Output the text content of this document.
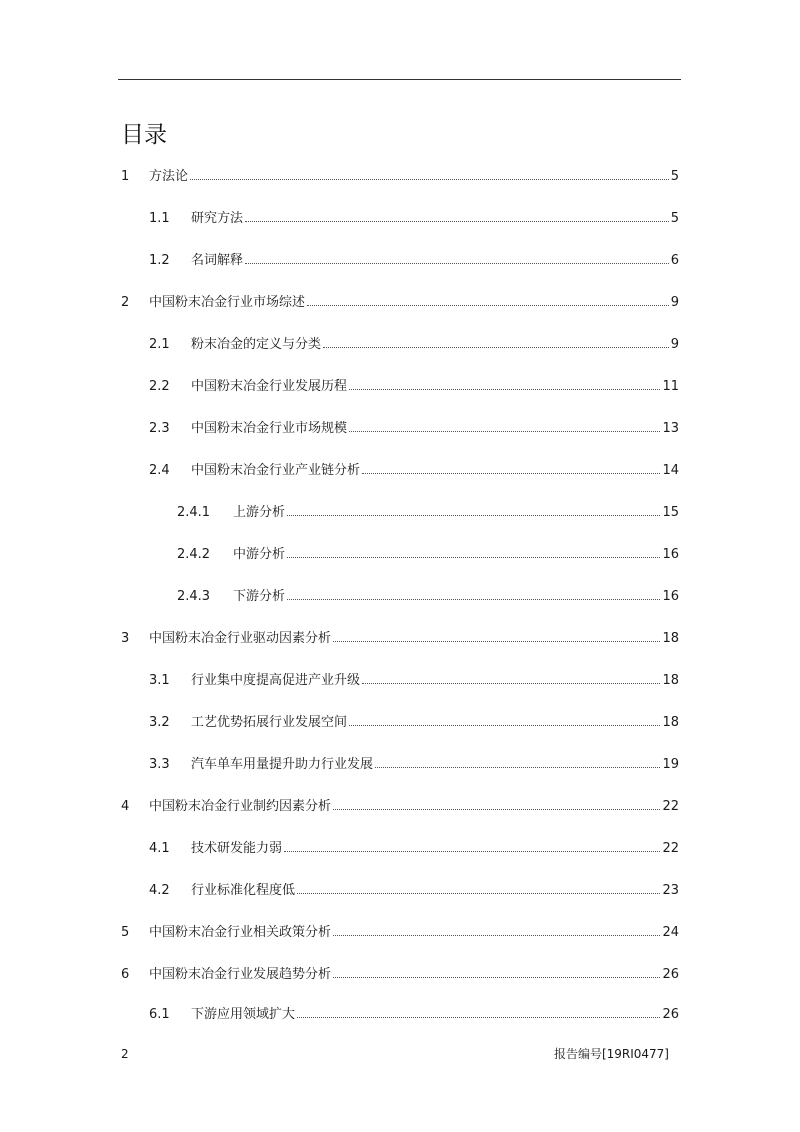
目录
1	方法论	5
1.1	研究方法	5
1.2	名词解释	6
2	中国粉末冶金行业市场综述	9
2.1	粉末冶金的定义与分类	9
2.2	中国粉末冶金行业发展历程	11
2.3	中国粉末冶金行业市场规模	13
2.4	中国粉末冶金行业产业链分析	14
2.4.1	上游分析	15
2.4.2	中游分析	16
2.4.3	下游分析	16
3	中国粉末冶金行业驱动因素分析	18
3.1	行业集中度提高促进产业升级	18
3.2	工艺优势拓展行业发展空间	18
3.3	汽车单车用量提升助力行业发展	19
4	中国粉末冶金行业制约因素分析	22
4.1	技术研发能力弱	22
4.2	行业标准化程度低	23
5	中国粉末冶金行业相关政策分析	24
6	中国粉末冶金行业发展趋势分析	26
6.1	下游应用领域扩大	26
2	报告编号[19RI0477]
